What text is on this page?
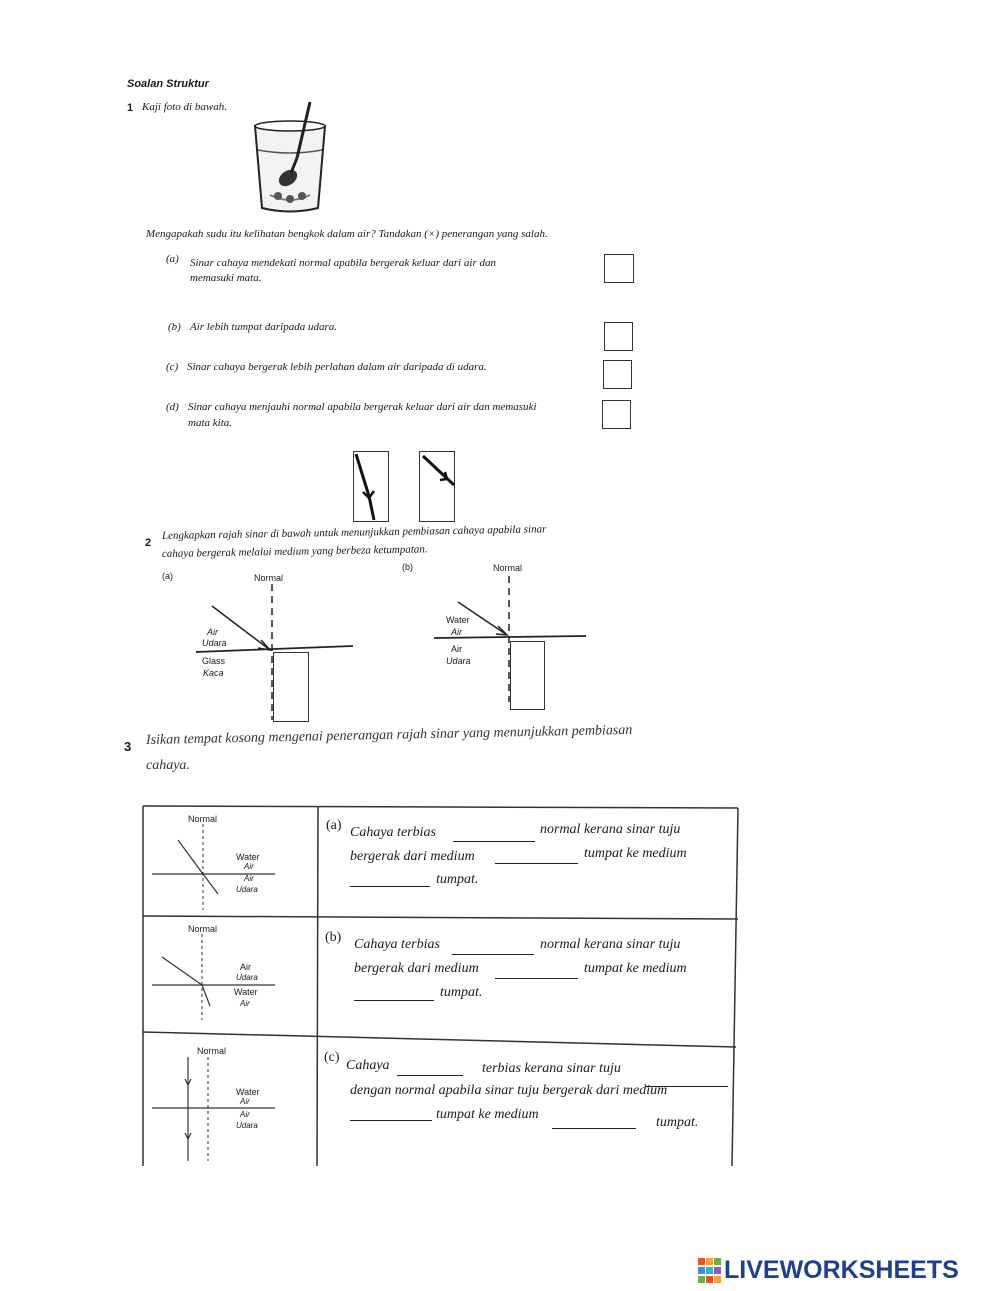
Soalan Struktur
1 Kaji foto di bawah.
Mengapakah sudu itu kelihatan bengkok dalam air? Tandakan (×) penerangan yang salah.
(a) Sinar cahaya mendekati normal apabila bergerak keluar dari air dan
memasuki mata.
(b) Air lebih tumpat daripada udara.
(c) Sinar cahaya bergerak lebih perlahan dalam air daripada di udara.
(d) Sinar cahaya menjauhi normal apabila bergerak keluar dari air dan memasuki
mata kita.
2
Lengkapkan rajah sinar di bawah untuk menunjukkan pembiasan cahaya apabila sinar
cahaya bergerak melalui medium yang berbeza ketumpatan.
(a)	Normal
Air
Udara
Glass
Kaca
(b)	Normal
Water
Air
Air
Udara
3 Isikan tempat kosong mengenai penerangan rajah sinar yang menunjukkan pembiasan
cahaya.
Normal
Water
Air
Air
Udara
(a) Cahaya terbias	normal kerana sinar tuju
bergerak dari medium	tumpat ke medium
tumpat.
Normal
Air
Udara
Water
Air
(b) Cahaya terbias	normal kerana sinar tuju
bergerak dari medium	tumpat ke medium
tumpat.
Normal
Water
Air
Air
Udara
(c)
Cahaya	terbias kerana sinar tuju
dengan normal apabila sinar tuju bergerak dari medium
tumpat ke medium
tumpat.
LIVEWORKSHEETS
